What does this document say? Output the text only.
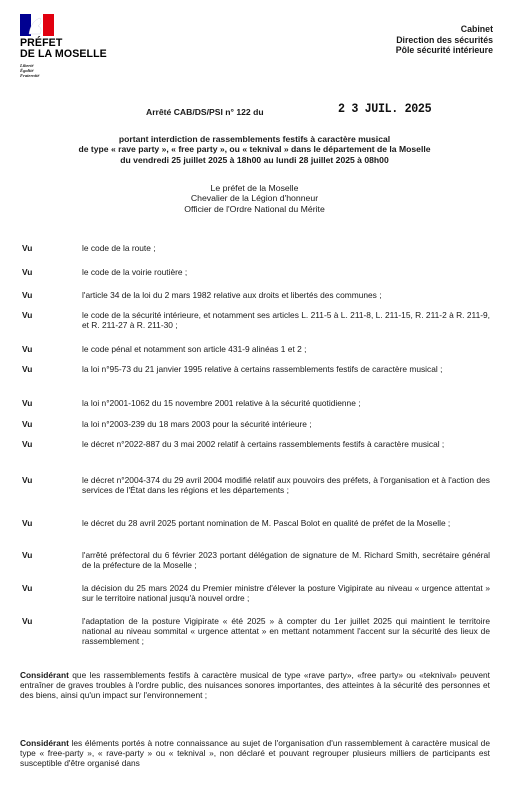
PRÉFET
DE LA MOSELLE
Liberté
Égalité
Fraternité
Cabinet
Direction des sécurités
Pôle sécurité intérieure
Arrêté CAB/DS/PSI n° 122 du	2 3 JUIL. 2025
portant interdiction de rassemblements festifs à caractère musical
de type « rave party », « free party », ou « teknival » dans le département de la Moselle
du vendredi 25 juillet 2025 à 18h00 au lundi 28 juillet 2025 à 08h00
Le préfet de la Moselle
Chevalier de la Légion d'honneur
Officier de l'Ordre National du Mérite
Vu	le code de la route ;
Vu	le code de la voirie routière ;
Vu	l'article 34 de la loi du 2 mars 1982 relative aux droits et libertés des communes ;
Vu	le code de la sécurité intérieure, et notamment ses articles L. 211-5 à L. 211-8, L. 211-15, R. 211-2 à R. 211-9, et R. 211-27 à R. 211-30 ;
Vu	le code pénal et notamment son article 431-9 alinéas 1 et 2 ;
Vu	la loi n°95-73 du 21 janvier 1995 relative à certains rassemblements festifs de caractère musical ;
Vu	la loi n°2001-1062 du 15 novembre 2001 relative à la sécurité quotidienne ;
Vu	la loi n°2003-239 du 18 mars 2003 pour la sécurité intérieure ;
Vu	le décret n°2022-887 du 3 mai 2002 relatif à certains rassemblements festifs à caractère musical ;
Vu	le décret n°2004-374 du 29 avril 2004 modifié relatif aux pouvoirs des préfets, à l'organisation et à l'action des services de l'État dans les régions et les départements ;
Vu	le décret du 28 avril 2025 portant nomination de M. Pascal Bolot en qualité de préfet de la Moselle ;
Vu	l'arrêté préfectoral du 6 février 2023 portant délégation de signature de M. Richard Smith, secrétaire général de la préfecture de la Moselle ;
Vu	la décision du 25 mars 2024 du Premier ministre d'élever la posture Vigipirate au niveau « urgence attentat » sur le territoire national jusqu'à nouvel ordre ;
Vu	l'adaptation de la posture Vigipirate « été 2025 » à compter du 1er juillet 2025 qui maintient le territoire national au niveau sommital « urgence attentat » en mettant notamment l'accent sur la sécurité des lieux de rassemblement ;
Considérant que les rassemblements festifs à caractère musical de type «rave party», «free party» ou «teknival» peuvent entraîner de graves troubles à l'ordre public, des nuisances sonores importantes, des atteintes à la sécurité des personnes et des biens, ainsi qu'un impact sur l'environnement ;
Considérant les éléments portés à notre connaissance au sujet de l'organisation d'un rassemblement à caractère musical de type « free-party », « rave-party » ou « teknival », non déclaré et pouvant regrouper plusieurs milliers de participants est susceptible d'être organisé dans
